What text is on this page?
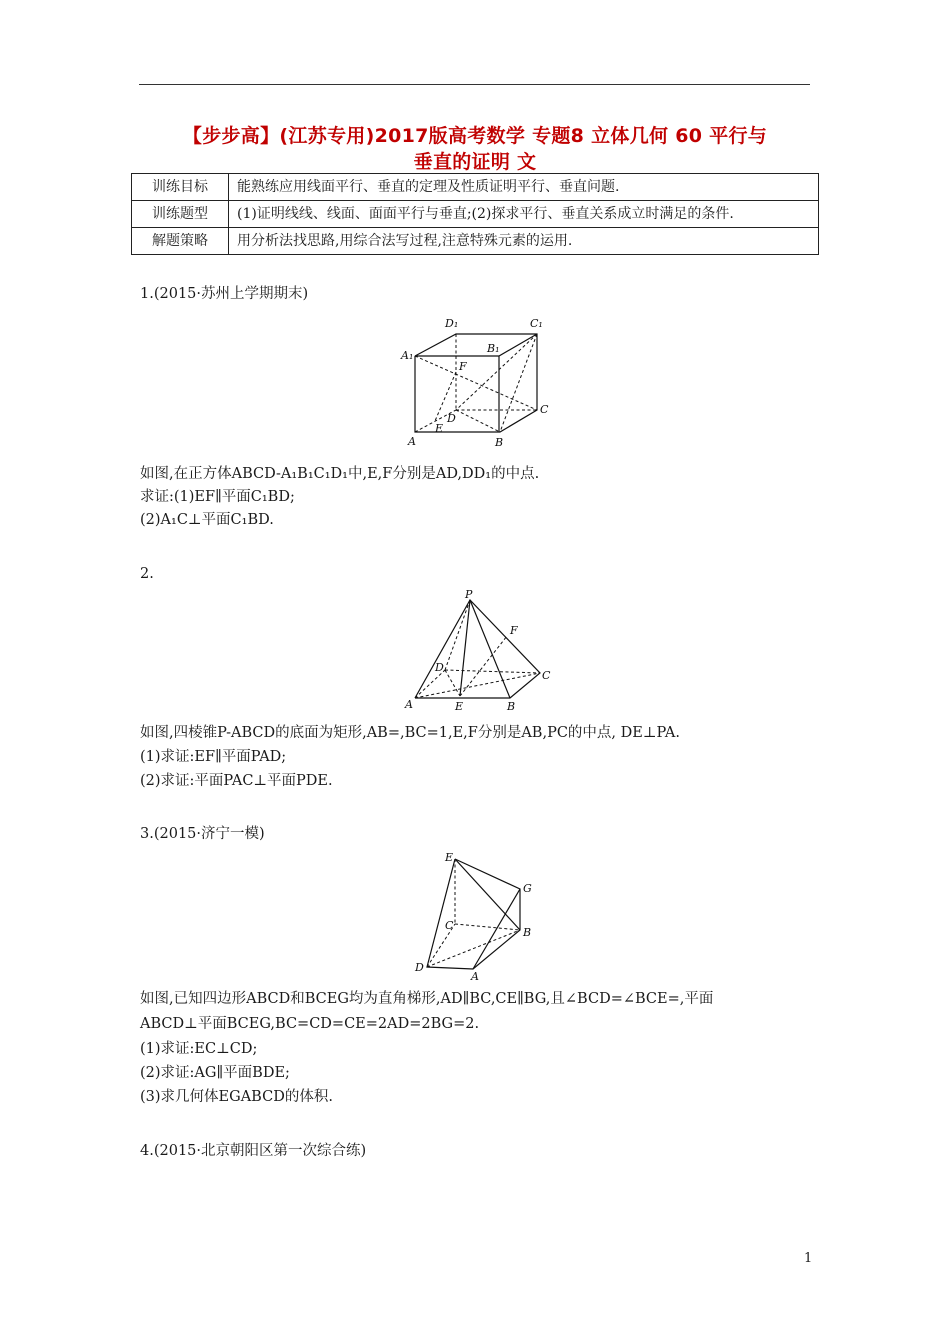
【步步高】(江苏专用)2017版高考数学 专题8 立体几何 60 平行与
垂直的证明 文
训练目标	能熟练应用线面平行、垂直的定理及性质证明平行、垂直问题.
训练题型	(1)证明线线、线面、面面平行与垂直;(2)探求平行、垂直关系成立时满足的条件.
解题策略	用分析法找思路,用综合法写过程,注意特殊元素的运用.
1.(2015·苏州上学期期末)
A₁
D₁	C₁
B₁
F
D
E
C
A	B
如图,在正方体ABCD-A₁B₁C₁D₁中,E,F分别是AD,DD₁的中点.
求证:(1)EF∥平面C₁BD;
(2)A₁C⊥平面C₁BD.
2.
P
F
D
C
A	E	B
如图,四棱锥P-ABCD的底面为矩形,AB=,BC=1,E,F分别是AB,PC的中点, DE⊥PA.
(1)求证:EF∥平面PAD;
(2)求证:平面PAC⊥平面PDE.
3.(2015·济宁一模)
E
G
C
B
D
A
如图,已知四边形ABCD和BCEG均为直角梯形,AD∥BC,CE∥BG,且∠BCD=∠BCE=,平面
ABCD⊥平面BCEG,BC=CD=CE=2AD=2BG=2.
(1)求证:EC⊥CD;
(2)求证:AG∥平面BDE;
(3)求几何体EGABCD的体积.
4.(2015·北京朝阳区第一次综合练)
1
